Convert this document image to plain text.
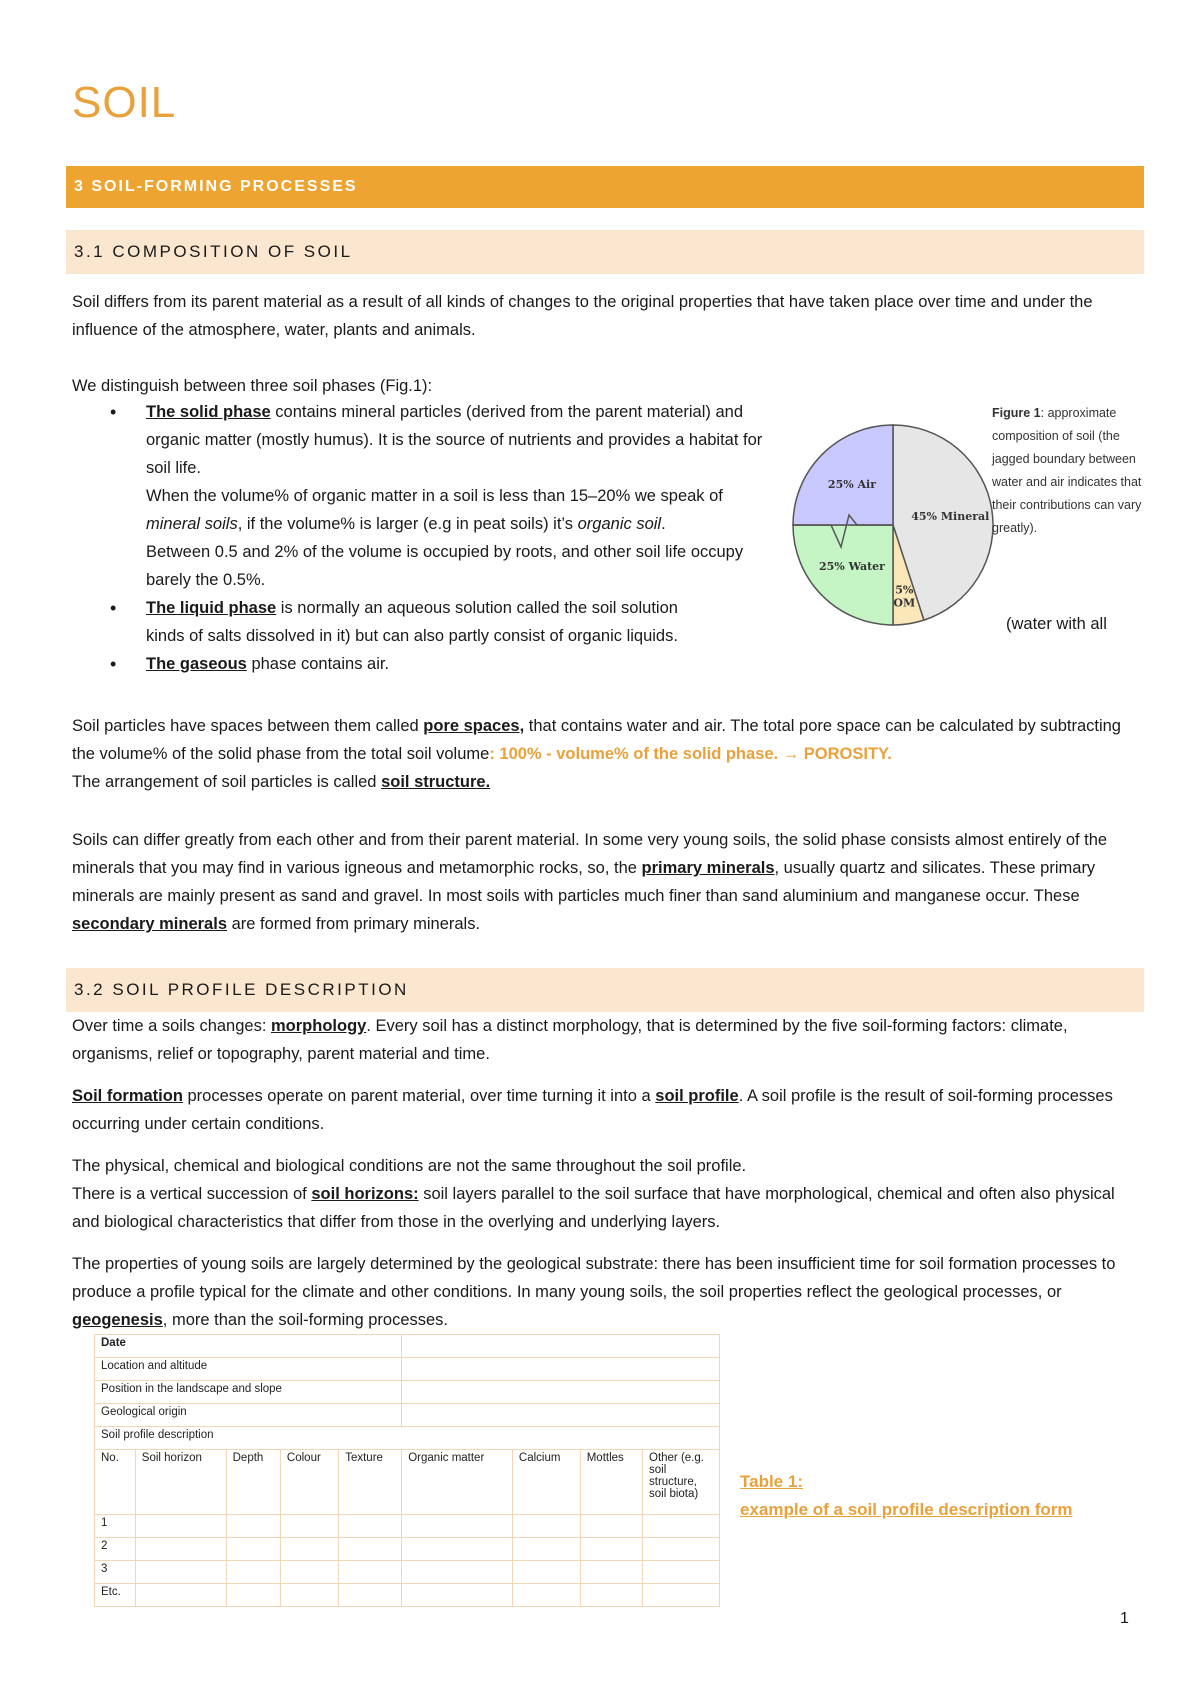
SOIL
3 SOIL-FORMING PROCESSES
3.1 COMPOSITION OF SOIL

Soil differs from its parent material as a result of all kinds of changes to the original properties that have taken place over time and under the influence of the atmosphere, water, plants and animals.

We distinguish between three soil phases (Fig.1):

• The solid phase contains mineral particles (derived from the parent material) and organic matter (mostly humus). It is the source of nutrients and provides a habitat for soil life.
When the volume% of organic matter in a soil is less than 15–20% we speak of mineral soils, if the volume% is larger (e.g in peat soils) it’s organic soil.
Between 0.5 and 2% of the volume is occupied by roots, and other soil life occupy barely the 0.5%.
• The liquid phase is normally an aqueous solution called the soil solution
kinds of salts dissolved in it) but can also partly consist of organic liquids.
• The gaseous phase contains air.
(water with all
45% Mineral
5% OM
25% Water
25% Air
Figure 1: approximate composition of soil (the jagged boundary between water and air indicates that their contributions can vary greatly).

Soil particles have spaces between them called pore spaces, that contains water and air. The total pore space can be calculated by subtracting the volume% of the solid phase from the total soil volume: 100% - volume% of the solid phase. → POROSITY.
The arrangement of soil particles is called soil structure.

Soils can differ greatly from each other and from their parent material. In some very young soils, the solid phase consists almost entirely of the minerals that you may find in various igneous and metamorphic rocks, so, the primary minerals, usually quartz and silicates. These primary minerals are mainly present as sand and gravel. In most soils with particles much finer than sand aluminium and manganese occur. These secondary minerals are formed from primary minerals.

3.2 SOIL PROFILE DESCRIPTION

Over time a soils changes: morphology. Every soil has a distinct morphology, that is determined by the five soil-forming factors: climate, organisms, relief or topography, parent material and time.

Soil formation processes operate on parent material, over time turning it into a soil profile. A soil profile is the result of soil-forming processes occurring under certain conditions.

The physical, chemical and biological conditions are not the same throughout the soil profile.
There is a vertical succession of soil horizons: soil layers parallel to the soil surface that have morphological, chemical and often also physical and biological characteristics that differ from those in the overlying and underlying layers.

The properties of young soils are largely determined by the geological substrate: there has been insufficient time for soil formation processes to produce a profile typical for the climate and other conditions. In many young soils, the soil properties reflect the geological processes, or geogenesis, more than the soil-forming processes.

Date								
Location and altitude								
Position in the landscape and slope								
Geological origin								
Soil profile description								
No.	Soil horizon	Depth	Colour	Texture	Organic matter	Calcium	Mottles	Other (e.g. soil structure, soil biota)
1								
2								
3								
Etc.								
Table 1:
example of a soil profile description form
1
